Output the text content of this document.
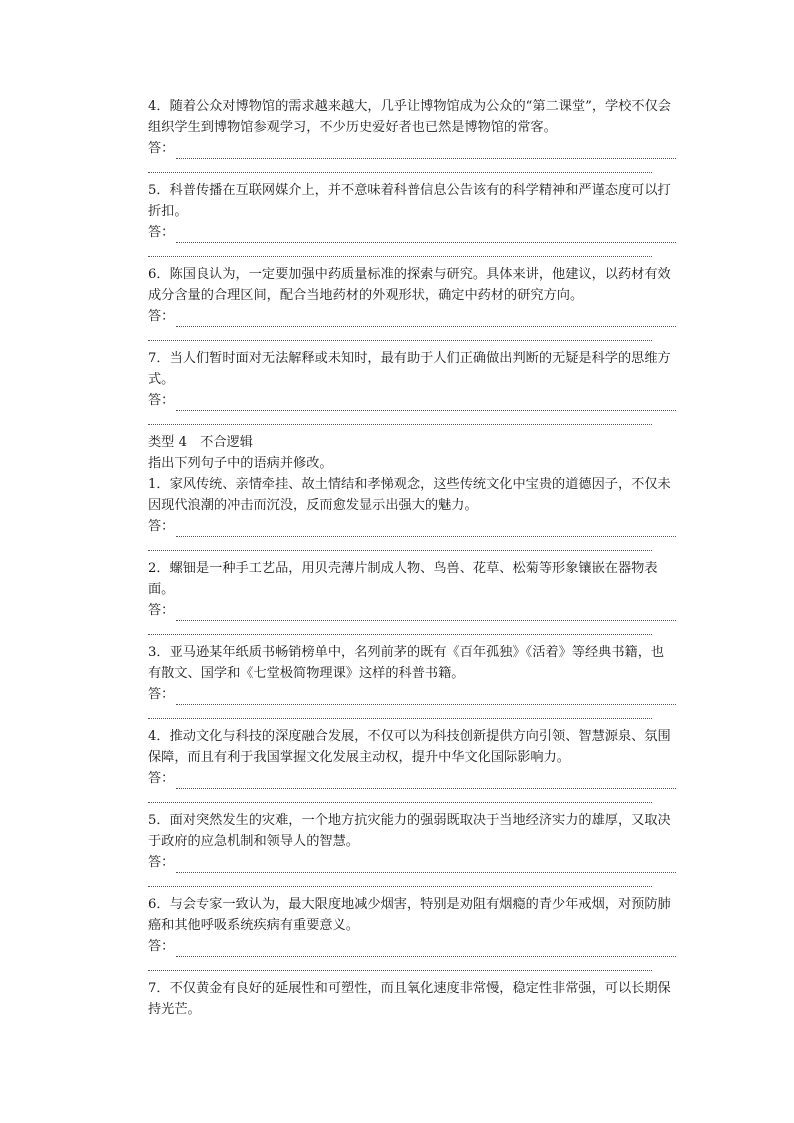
4．随着公众对博物馆的需求越来越大，几乎让博物馆成为公众的“第二课堂”，学校不仅会组织学生到博物馆参观学习，不少历史爱好者也已然是博物馆的常客。

答：

5．科普传播在互联网媒介上，并不意味着科普信息公告该有的科学精神和严谨态度可以打折扣。

答：

6．陈国良认为，一定要加强中药质量标准的探索与研究。具体来讲，他建议，以药材有效成分含量的合理区间，配合当地药材的外观形状，确定中药材的研究方向。

答：

7．当人们暂时面对无法解释或未知时，最有助于人们正确做出判断的无疑是科学的思维方式。

答：

类型 4　不合逻辑

指出下列句子中的语病并修改。

1．家风传统、亲情牵挂、故土情结和孝悌观念，这些传统文化中宝贵的道德因子，不仅未因现代浪潮的冲击而沉没，反而愈发显示出强大的魅力。

答：

2．螺钿是一种手工艺品，用贝壳薄片制成人物、鸟兽、花草、松菊等形象镶嵌在器物表面。

答：

3．亚马逊某年纸质书畅销榜单中，名列前茅的既有《百年孤独》《活着》等经典书籍，也有散文、国学和《七堂极简物理课》这样的科普书籍。

答：

4．推动文化与科技的深度融合发展，不仅可以为科技创新提供方向引领、智慧源泉、氛围保障，而且有利于我国掌握文化发展主动权，提升中华文化国际影响力。

答：

5．面对突然发生的灾难，一个地方抗灾能力的强弱既取决于当地经济实力的雄厚，又取决于政府的应急机制和领导人的智慧。

答：

6．与会专家一致认为，最大限度地减少烟害，特别是劝阻有烟瘾的青少年戒烟，对预防肺癌和其他呼吸系统疾病有重要意义。

答：

7．不仅黄金有良好的延展性和可塑性，而且氧化速度非常慢，稳定性非常强，可以长期保持光芒。
